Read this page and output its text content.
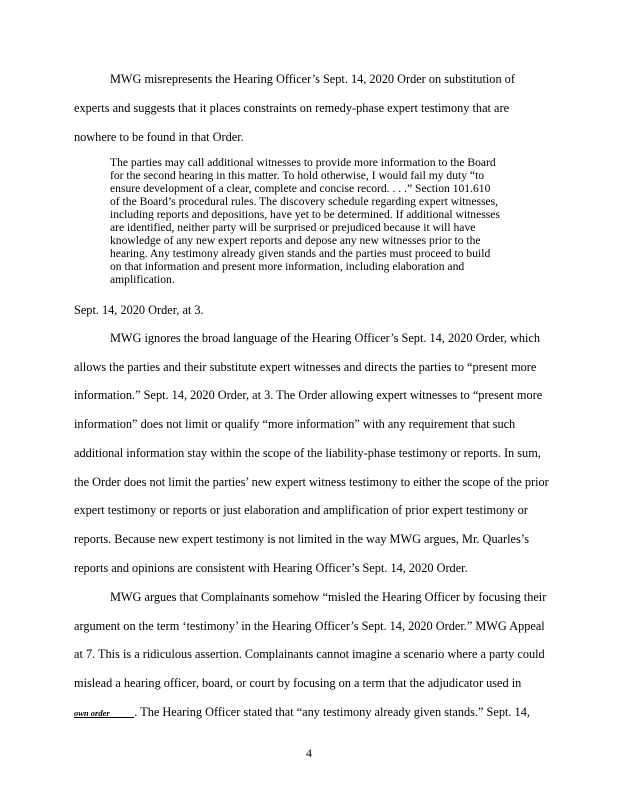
MWG misrepresents the Hearing Officer’s Sept. 14, 2020 Order on substitution of
experts and suggests that it places constraints on remedy-phase expert testimony that are
nowhere to be found in that Order.
The parties may call additional witnesses to provide more information to the Board
for the second hearing in this matter. To hold otherwise, I would fail my duty “to
ensure development of a clear, complete and concise record. . . .” Section 101.610
of the Board’s procedural rules. The discovery schedule regarding expert witnesses,
including reports and depositions, have yet to be determined. If additional witnesses
are identified, neither party will be surprised or prejudiced because it will have
knowledge of any new expert reports and depose any new witnesses prior to the
hearing. Any testimony already given stands and the parties must proceed to build
on that information and present more information, including elaboration and
amplification.
Sept. 14, 2020 Order, at 3.
MWG ignores the broad language of the Hearing Officer’s Sept. 14, 2020 Order, which
allows the parties and their substitute expert witnesses and directs the parties to “present more
information.” Sept. 14, 2020 Order, at 3. The Order allowing expert witnesses to “present more
information” does not limit or qualify “more information” with any requirement that such
additional information stay within the scope of the liability-phase testimony or reports. In sum,
the Order does not limit the parties’ new expert witness testimony to either the scope of the prior
expert testimony or reports or just elaboration and amplification of prior expert testimony or
reports. Because new expert testimony is not limited in the way MWG argues, Mr. Quarles’s
reports and opinions are consistent with Hearing Officer’s Sept. 14, 2020 Order.
MWG argues that Complainants somehow “misled the Hearing Officer by focusing their
argument on the term ‘testimony’ in the Hearing Officer’s Sept. 14, 2020 Order.” MWG Appeal
at 7. This is a ridiculous assertion. Complainants cannot imagine a scenario where a party could
mislead a hearing officer, board, or court by focusing on a term that the adjudicator used in
own order . The Hearing Officer stated that “any testimony already given stands.” Sept. 14,
4
